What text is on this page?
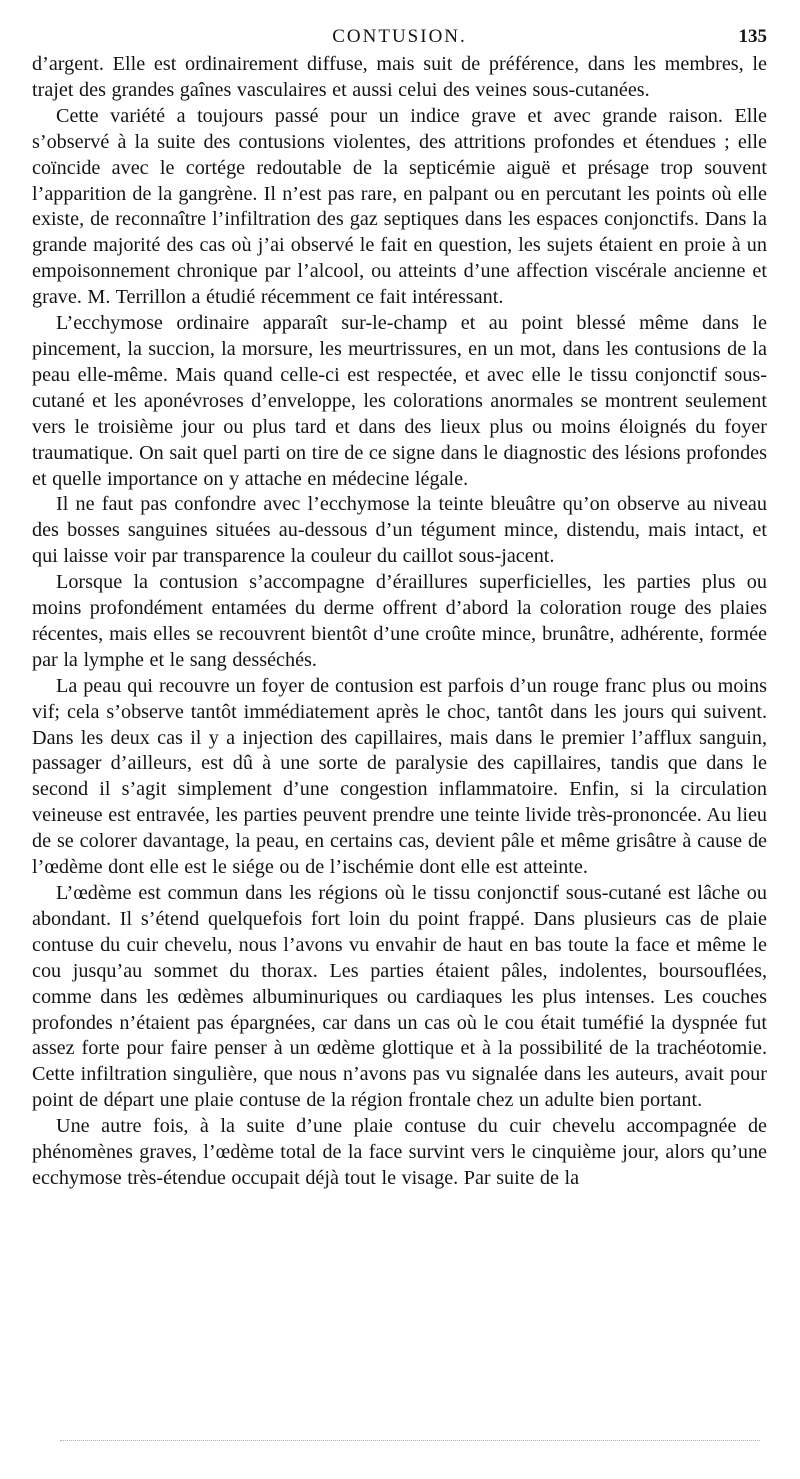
CONTUSION.	135

d’argent. Elle est ordinairement diffuse, mais suit de préférence, dans les membres, le trajet des grandes gaînes vasculaires et aussi celui des veines sous-cutanées.

Cette variété a toujours passé pour un indice grave et avec grande raison. Elle s’observé à la suite des contusions violentes, des attritions profondes et étendues ; elle coïncide avec le cortége redoutable de la septicémie aiguë et présage trop souvent l’apparition de la gangrène. Il n’est pas rare, en palpant ou en percutant les points où elle existe, de reconnaître l’infiltration des gaz septiques dans les espaces conjonctifs. Dans la grande majorité des cas où j’ai observé le fait en question, les sujets étaient en proie à un empoisonnement chronique par l’alcool, ou atteints d’une affection viscérale ancienne et grave. M. Terrillon a étudié récemment ce fait intéressant.

L’ecchymose ordinaire apparaît sur-le-champ et au point blessé même dans le pincement, la succion, la morsure, les meurtrissures, en un mot, dans les contusions de la peau elle-même. Mais quand celle-ci est respectée, et avec elle le tissu conjonctif sous-cutané et les aponévroses d’enveloppe, les colorations anormales se montrent seulement vers le troisième jour ou plus tard et dans des lieux plus ou moins éloignés du foyer traumatique. On sait quel parti on tire de ce signe dans le diagnostic des lésions profondes et quelle importance on y attache en médecine légale.

Il ne faut pas confondre avec l’ecchymose la teinte bleuâtre qu’on observe au niveau des bosses sanguines situées au-dessous d’un tégument mince, distendu, mais intact, et qui laisse voir par transparence la couleur du caillot sous-jacent.

Lorsque la contusion s’accompagne d’éraillures superficielles, les parties plus ou moins profondément entamées du derme offrent d’abord la coloration rouge des plaies récentes, mais elles se recouvrent bientôt d’une croûte mince, brunâtre, adhérente, formée par la lymphe et le sang desséchés.

La peau qui recouvre un foyer de contusion est parfois d’un rouge franc plus ou moins vif; cela s’observe tantôt immédiatement après le choc, tantôt dans les jours qui suivent. Dans les deux cas il y a injection des capillaires, mais dans le premier l’afflux sanguin, passager d’ailleurs, est dû à une sorte de paralysie des capillaires, tandis que dans le second il s’agit simplement d’une congestion inflammatoire. Enfin, si la circulation veineuse est entravée, les parties peuvent prendre une teinte livide très-prononcée. Au lieu de se colorer davantage, la peau, en certains cas, devient pâle et même grisâtre à cause de l’œdème dont elle est le siége ou de l’ischémie dont elle est atteinte.

L’œdème est commun dans les régions où le tissu conjonctif sous-cutané est lâche ou abondant. Il s’étend quelquefois fort loin du point frappé. Dans plusieurs cas de plaie contuse du cuir chevelu, nous l’avons vu envahir de haut en bas toute la face et même le cou jusqu’au sommet du thorax. Les parties étaient pâles, indolentes, boursouflées, comme dans les œdèmes albuminuriques ou cardiaques les plus intenses. Les couches profondes n’étaient pas épargnées, car dans un cas où le cou était tuméfié la dyspnée fut assez forte pour faire penser à un œdème glottique et à la possibilité de la trachéotomie. Cette infiltration singulière, que nous n’avons pas vu signalée dans les auteurs, avait pour point de départ une plaie contuse de la région frontale chez un adulte bien portant.

Une autre fois, à la suite d’une plaie contuse du cuir chevelu accompagnée de phénomènes graves, l’œdème total de la face survint vers le cinquième jour, alors qu’une ecchymose très-étendue occupait déjà tout le visage. Par suite de la
